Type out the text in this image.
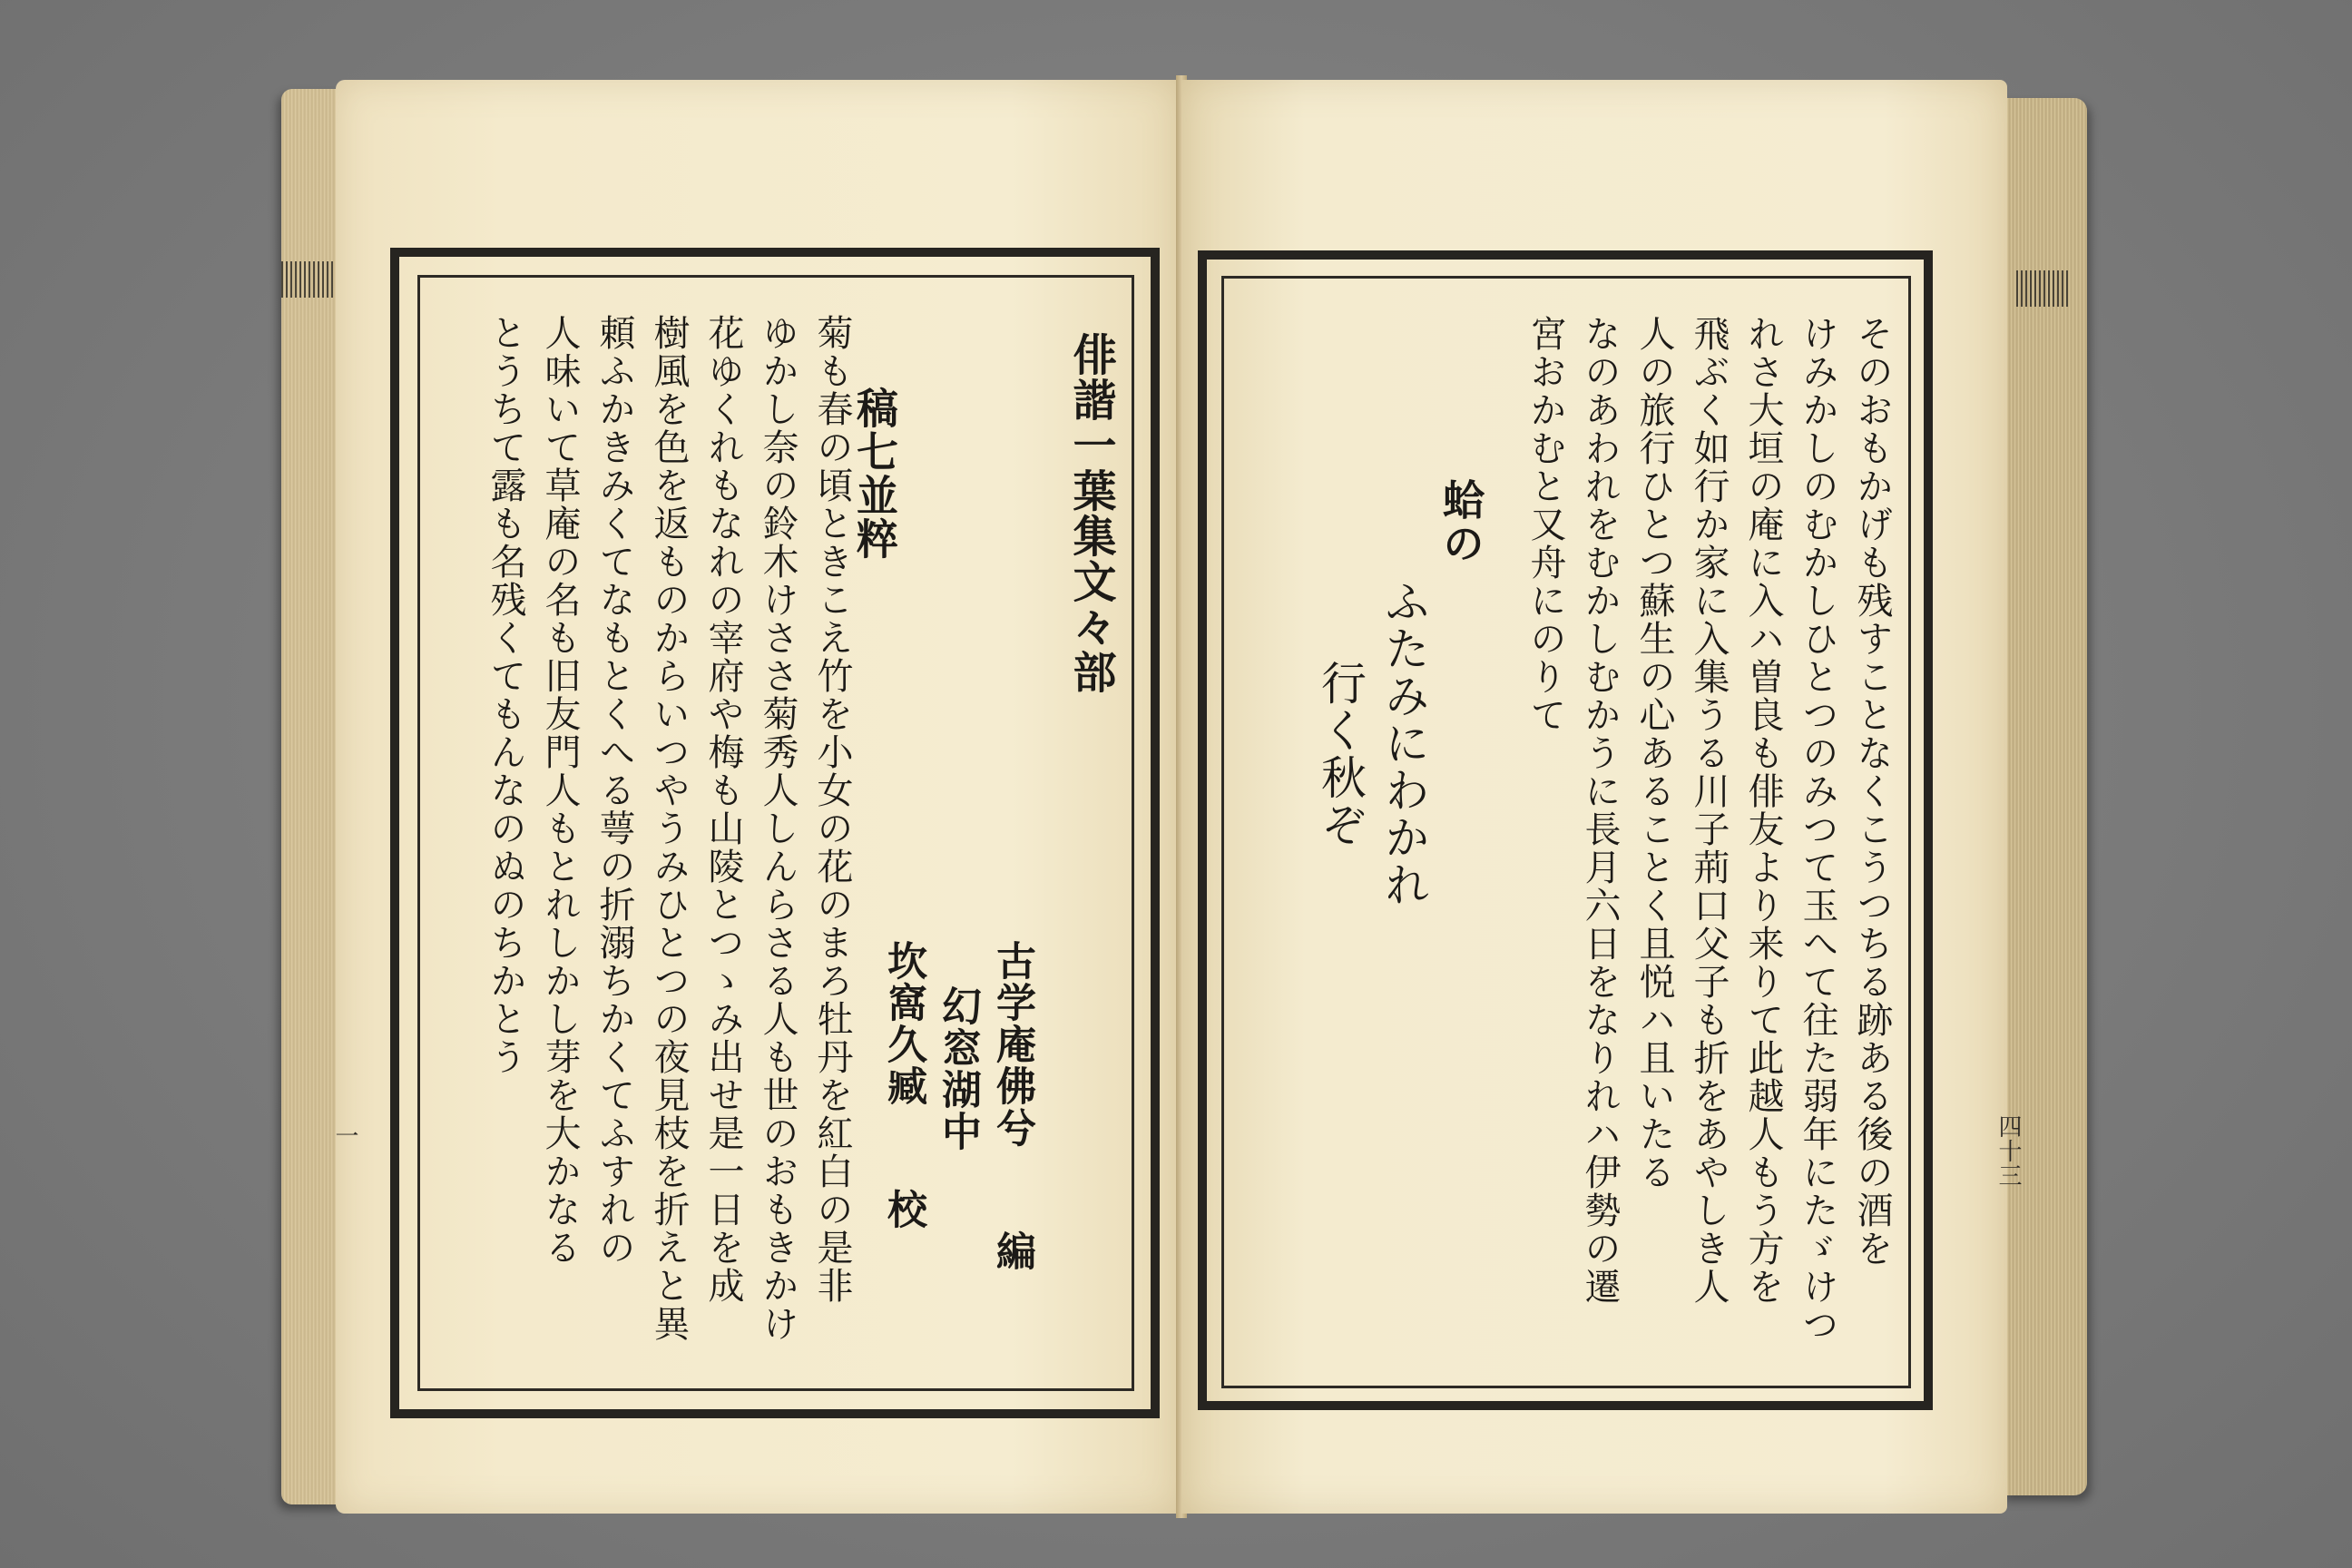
俳諧一葉集文々部
稿七並粹
古学庵佛兮編
幻窓湖中
坎窩久臧校
菊も春の頃ときこえ竹を小女の花のまろ牡丹を紅白の是非
ゆかし奈の鈴木けささ菊秀人しんらさる人も世のおもきかけ
花ゆくれもなれの宰府や梅も山陵とつゝみ出せ是一日を成
樹風を色を返ものからいつやうみひとつの夜見枝を折えと異
頼ふかきみくてなもとくへる萼の折溺ちかくてふすれの
人味いて草庵の名も旧友門人もとれしかし芽を大かなる
とうちて露も名残くてもんなのぬのちかとう
一	そのおもかげも残すことなくこうつちる跡ある後の酒を
けみかしのむかしひとつのみつて玉へて往た弱年にたゞけつ
れさ大垣の庵に入ハ曽良も俳友より来りて此越人もう方を
飛ぶく如行か家に入集うる川子荊口父子も折をあやしき人
人の旅行ひとつ蘇生の心あることく且悦ハ且いたる
なのあわれをむかしむかうに長月六日をなりれハ伊勢の遷
宮おかむと又舟にのりて
蛤の
ふたみにわかれ
行く秋ぞ
四十三
